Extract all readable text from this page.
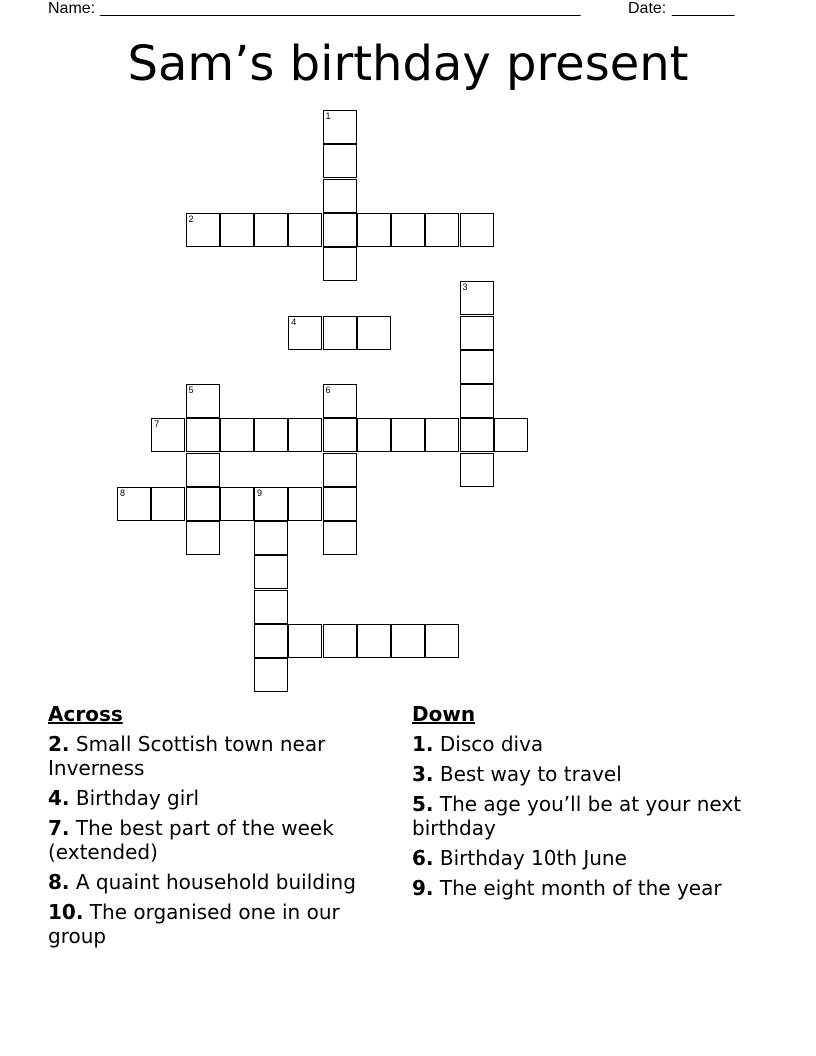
Name: ______________________________________________________	Date: _______
Sam’s birthday present
1
2
3
4
5	6
7
8	9
Across
2. Small Scottish town near Inverness
4. Birthday girl
7. The best part of the week (extended)
8. A quaint household building
10. The organised one in our group
Down
1. Disco diva
3. Best way to travel
5. The age you’ll be at your next birthday
6. Birthday 10th June
9. The eight month of the year
